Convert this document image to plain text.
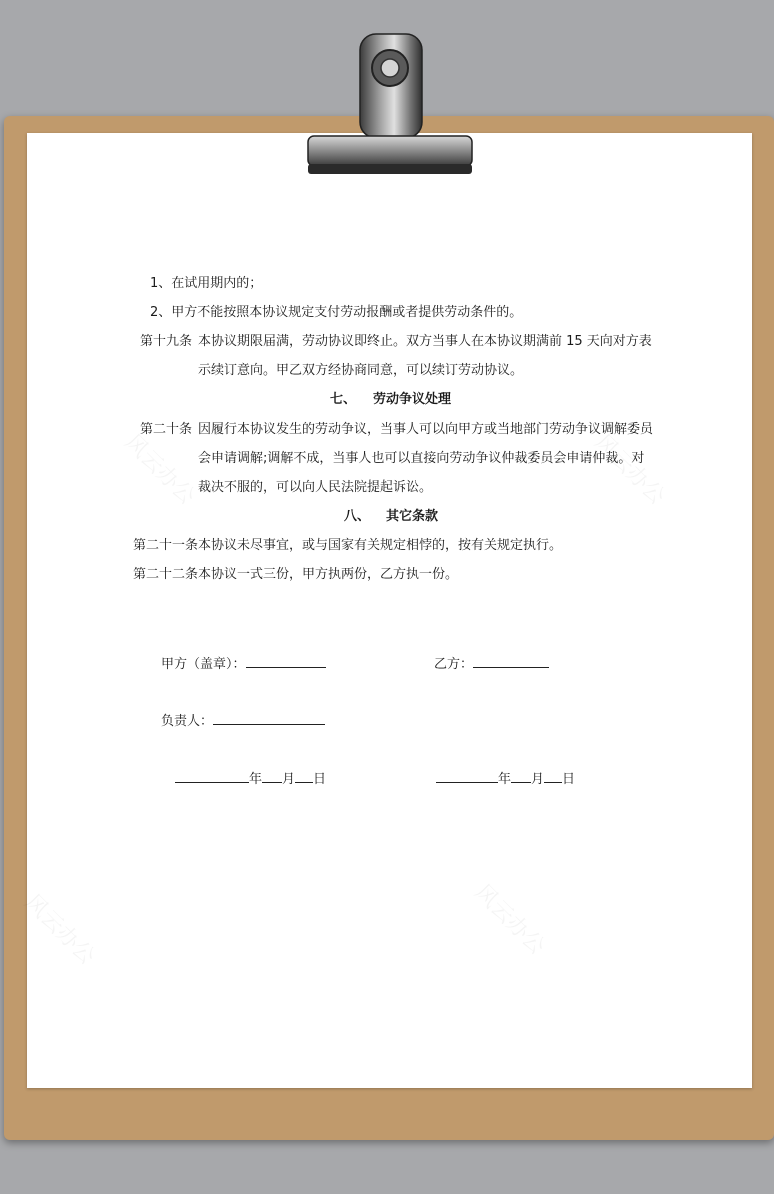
1、在试用期内的；
2、甲方不能按照本协议规定支付劳动报酬或者提供劳动条件的。
第十九条 本协议期限届满，劳动协议即终止。双方当事人在本协议期满前 15 天向对方表
示续订意向。甲乙双方经协商同意，可以续订劳动协议。
七、 劳动争议处理
第二十条 因履行本协议发生的劳动争议，当事人可以向甲方或当地部门劳动争议调解委员
会申请调解;调解不成，当事人也可以直接向劳动争议仲裁委员会申请仲裁。对
裁决不服的，可以向人民法院提起诉讼。
八、 其它条款
第二十一条本协议未尽事宜，或与国家有关规定相悖的，按有关规定执行。
第二十二条本协议一式三份，甲方执两份，乙方执一份。
甲方（盖章）：	乙方：
负责人：
年 月 日	年 月 日
